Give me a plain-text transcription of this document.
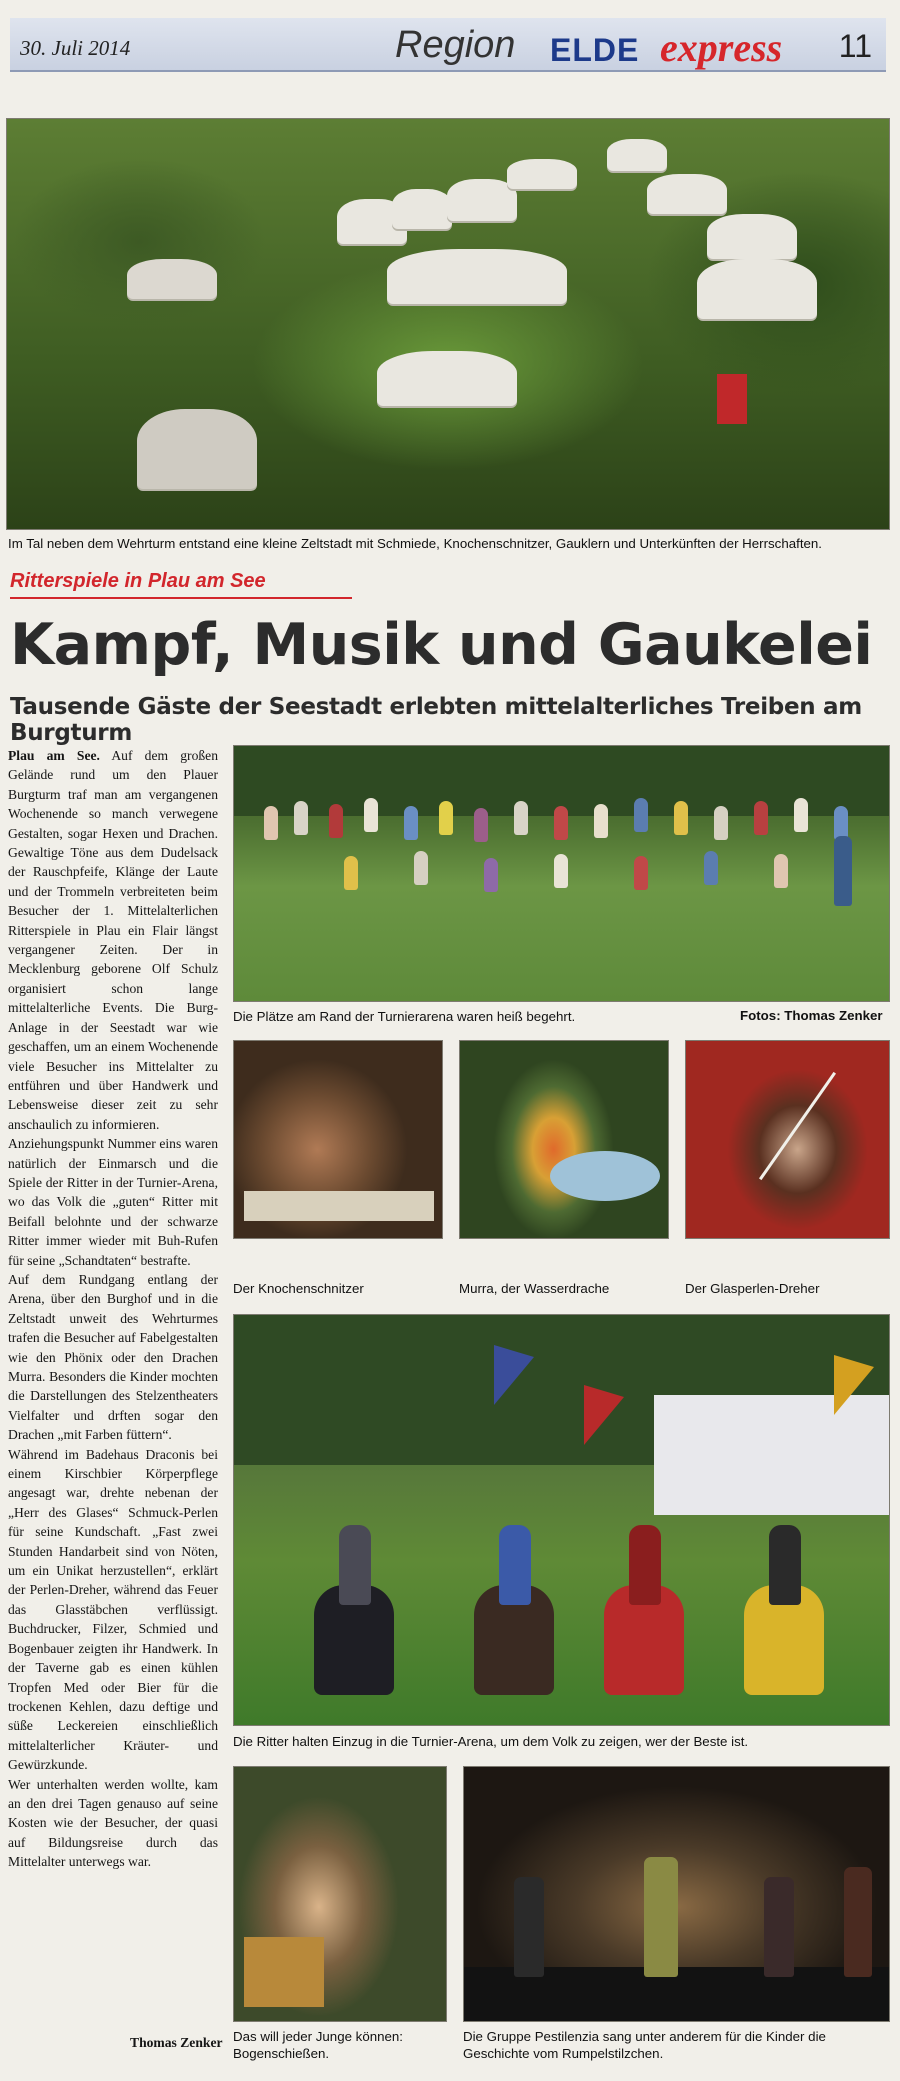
30. Juli 2014	Region ELDE express 11
Im Tal neben dem Wehrturm entstand eine kleine Zeltstadt mit Schmiede, Knochenschnitzer, Gauklern und Unterkünften der Herrschaften.
Ritterspiele in Plau am See
Kampf, Musik und Gaukelei
Tausende Gäste der Seestadt erlebten mittelalterliches Treiben am Burgturm

Plau am See. Auf dem großen Gelände rund um den Plauer Burgturm traf man am vergangenen Wochenende so manch verwegene Gestalten, sogar Hexen und Drachen. Gewaltige Töne aus dem Dudelsack der Rauschpfeife, Klänge der Laute und der Trommeln verbreiteten beim Besucher der 1. Mittelalterlichen Ritterspiele in Plau ein Flair längst vergangener Zeiten. Der in Mecklenburg geborene Olf Schulz organisiert schon lange mittelalterliche Events. Die Burg-Anlage in der Seestadt war wie geschaffen, um an einem Wochenende viele Besucher ins Mittelalter zu entführen und über Handwerk und Lebensweise dieser zeit zu sehr anschaulich zu informieren.

Anziehungspunkt Nummer eins waren natürlich der Einmarsch und die Spiele der Ritter in der Turnier-Arena, wo das Volk die „guten“ Ritter mit Beifall belohnte und der schwarze Ritter immer wieder mit Buh-Rufen für seine „Schandtaten“ bestrafte.

Auf dem Rundgang entlang der Arena, über den Burghof und in die Zeltstadt unweit des Wehrturmes trafen die Besucher auf Fabelgestalten wie den Phönix oder den Drachen Murra. Besonders die Kinder mochten die Darstellungen des Stelzentheaters Vielfalter und drften sogar den Drachen „mit Farben füttern“.

Während im Badehaus Draconis bei einem Kirschbier Körperpflege angesagt war, drehte nebenan der „Herr des Glases“ Schmuck-Perlen für seine Kundschaft. „Fast zwei Stunden Handarbeit sind von Nöten, um ein Unikat herzustellen“, erklärt der Perlen-Dreher, während das Feuer das Glasstäbchen verflüssigt. Buchdrucker, Filzer, Schmied und Bogenbauer zeigten ihr Handwerk. In der Taverne gab es einen kühlen Tropfen Med oder Bier für die trockenen Kehlen, dazu deftige und süße Leckereien einschließlich mittelalterlicher Kräuter- und Gewürzkunde.

Wer unterhalten werden wollte, kam an den drei Tagen genauso auf seine Kosten wie der Besucher, der quasi auf Bildungsreise durch das Mittelalter unterwegs war.

Thomas Zenker
Die Plätze am Rand der Turnierarena waren heiß begehrt.	Fotos: Thomas Zenker
Der Knochenschnitzer	Murra, der Wasserdrache	Der Glasperlen-Dreher
Die Ritter halten Einzug in die Turnier-Arena, um dem Volk zu zeigen, wer der Beste ist.
Das will jeder Junge können: Bogenschießen.
Die Gruppe Pestilenzia sang unter anderem für die Kinder die Geschichte vom Rumpelstilzchen.
